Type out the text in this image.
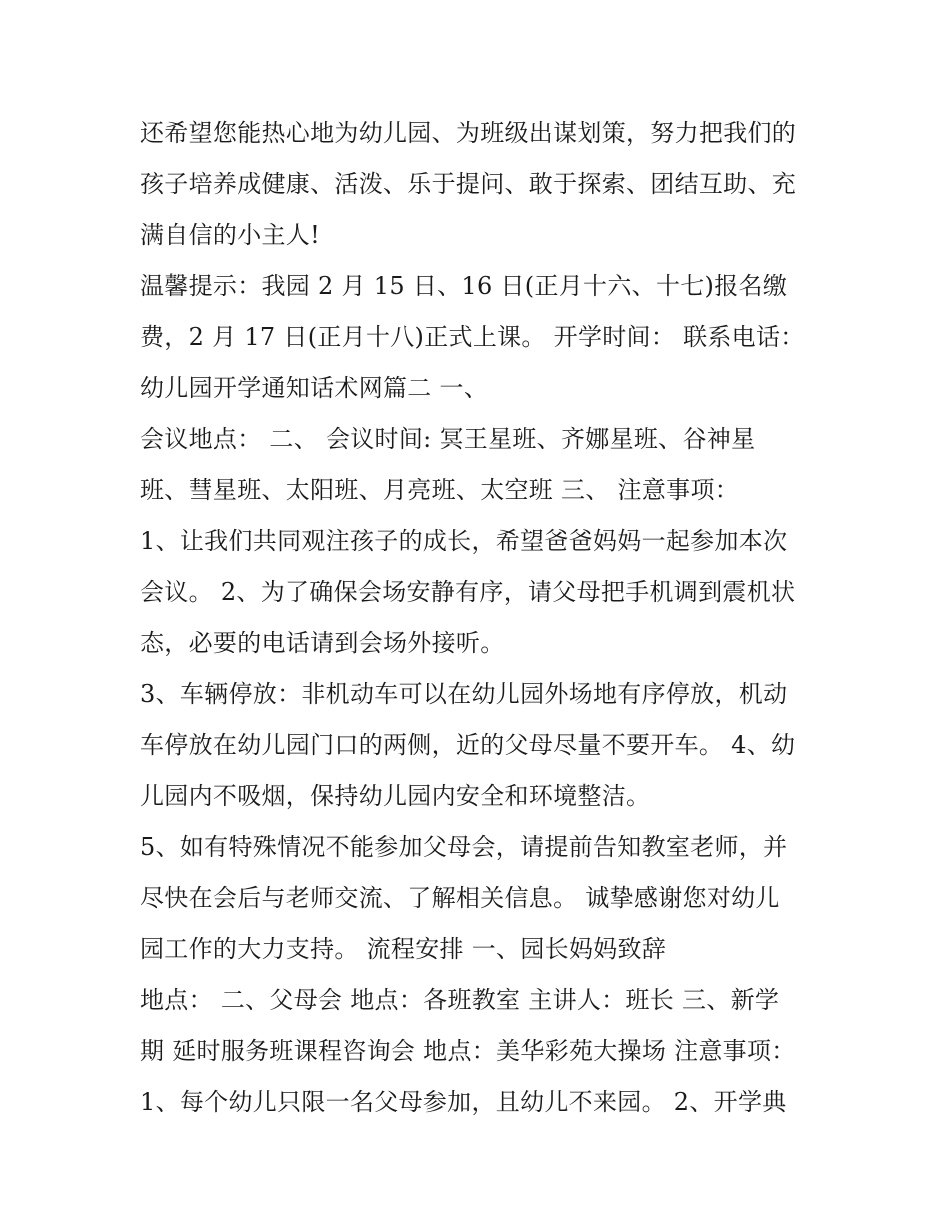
还希望您能热心地为幼儿园、为班级出谋划策，努力把我们的
孩子培养成健康、活泼、乐于提问、敢于探索、团结互助、充
满自信的小主人!
温馨提示：我园 2 月 15 日、16 日(正月十六、十七)报名缴
费，2 月 17 日(正月十八)正式上课。 开学时间： 联系电话：
幼儿园开学通知话术网篇二 一、
会议地点： 二、 会议时间: 冥王星班、齐娜星班、谷神星
班、彗星班、太阳班、月亮班、太空班 三、 注意事项：
1、让我们共同观注孩子的成长，希望爸爸妈妈一起参加本次
会议。 2、为了确保会场安静有序，请父母把手机调到震机状
态，必要的电话请到会场外接听。
3、车辆停放：非机动车可以在幼儿园外场地有序停放，机动
车停放在幼儿园门口的两侧，近的父母尽量不要开车。 4、幼
儿园内不吸烟，保持幼儿园内安全和环境整洁。
5、如有特殊情况不能参加父母会，请提前告知教室老师，并
尽快在会后与老师交流、了解相关信息。 诚挚感谢您对幼儿
园工作的大力支持。 流程安排 一、园长妈妈致辞
地点： 二、父母会 地点：各班教室 主讲人：班长 三、新学
期 延时服务班课程咨询会 地点：美华彩苑大操场 注意事项：
1、每个幼儿只限一名父母参加，且幼儿不来园。 2、开学典
